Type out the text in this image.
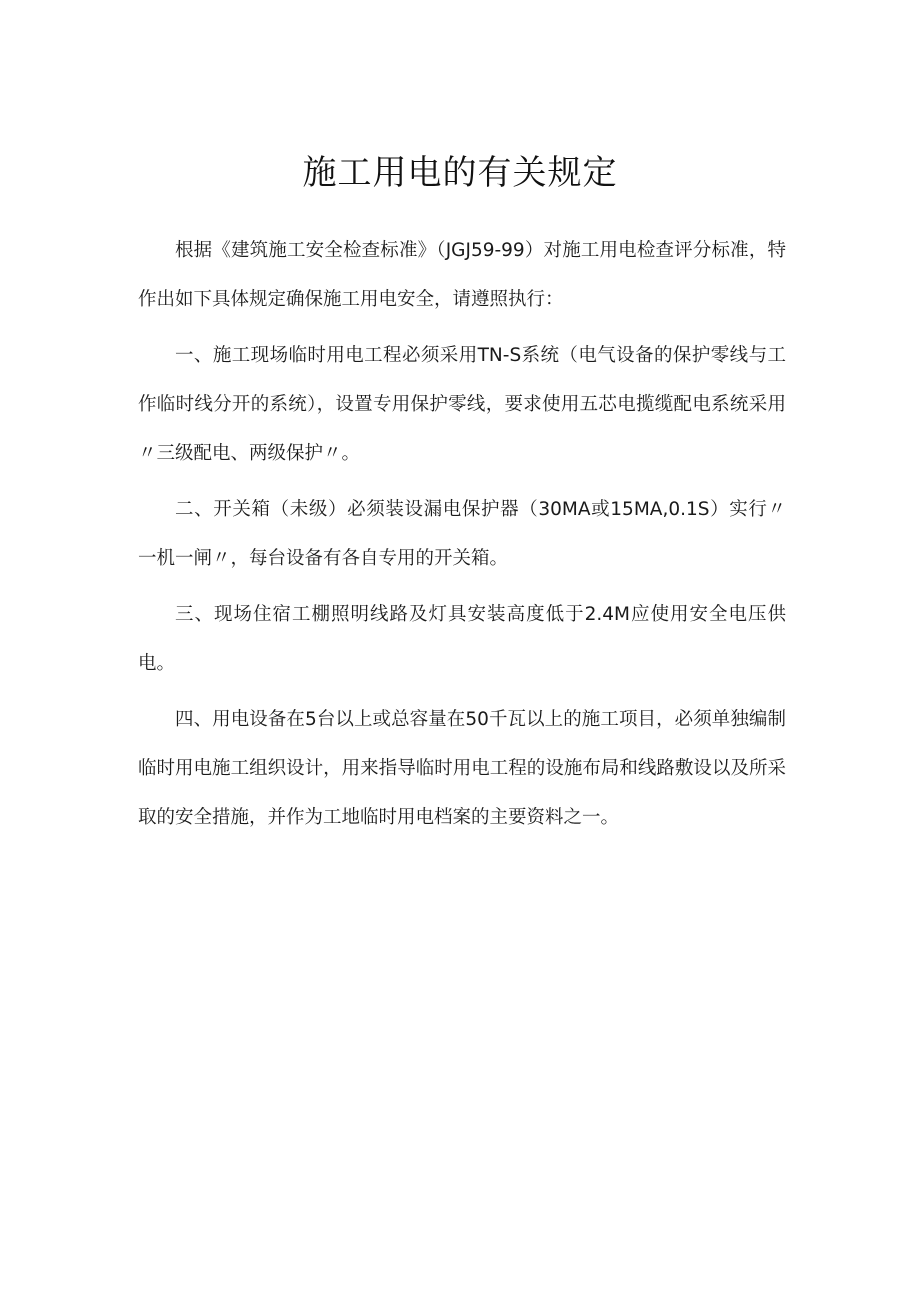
施工用电的有关规定

根据《建筑施工安全检查标准》（JGJ59-99）对施工用电检查评分标准，特作出如下具体规定确保施工用电安全，请遵照执行：

一、施工现场临时用电工程必须采用TN-S系统（电气设备的保护零线与工作临时线分开的系统），设置专用保护零线，要求使用五芯电揽缆配电系统采用〃三级配电、两级保护〃。

二、开关箱（未级）必须装设漏电保护器（30MA或15MA,0.1S）实行〃一机一闸〃，每台设备有各自专用的开关箱。

三、现场住宿工棚照明线路及灯具安装高度低于2.4M应使用安全电压供电。

四、用电设备在5台以上或总容量在50千瓦以上的施工项目，必须单独编制临时用电施工组织设计，用来指导临时用电工程的设施布局和线路敷设以及所采取的安全措施，并作为工地临时用电档案的主要资料之一。
